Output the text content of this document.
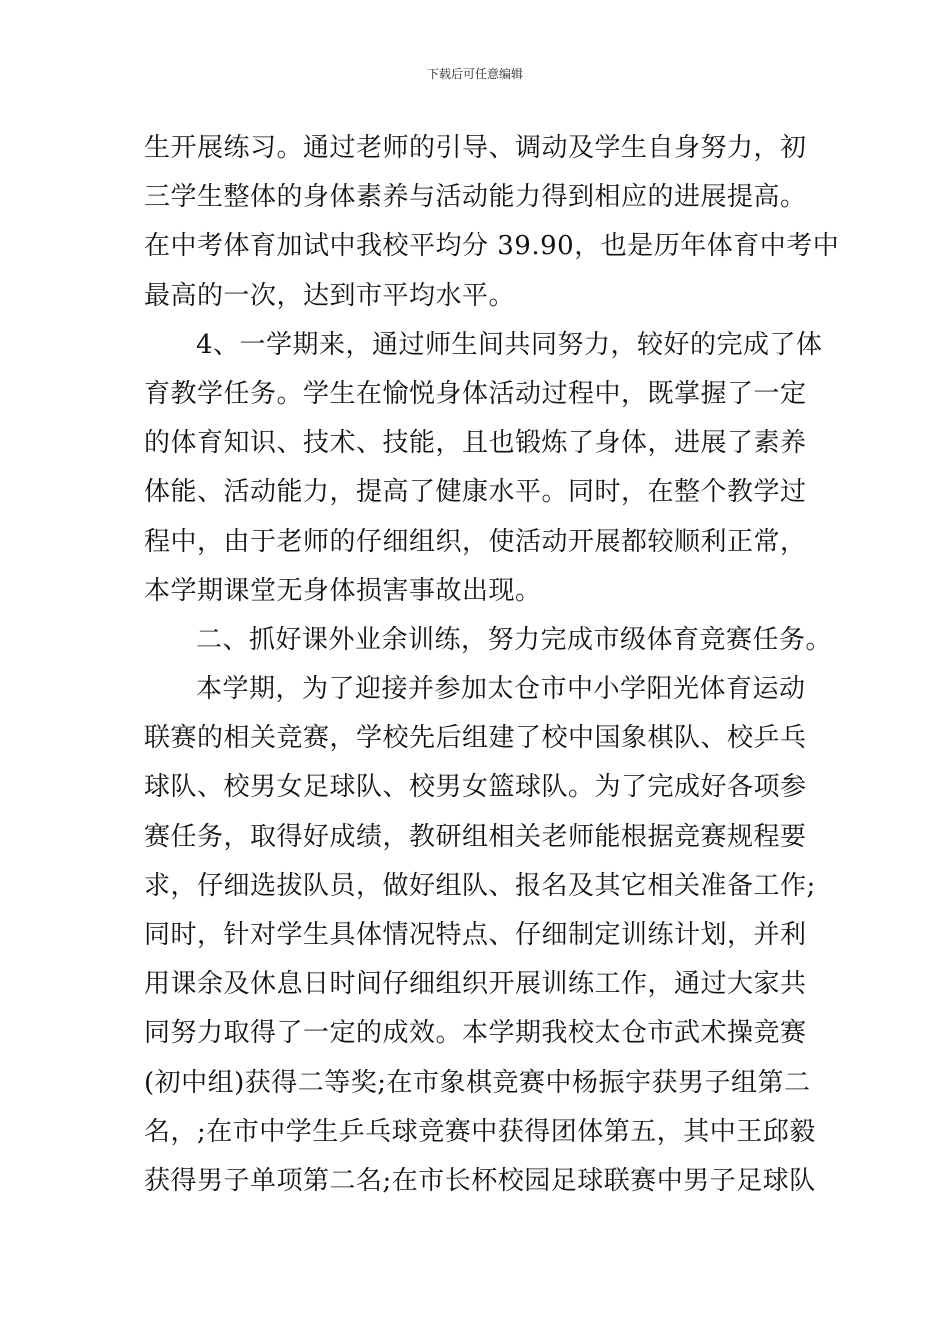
下载后可任意编辑
生开展练习。通过老师的引导、调动及学生自身努力，初
三学生整体的身体素养与活动能力得到相应的进展提高。
在中考体育加试中我校平均分 39.90，也是历年体育中考中
最高的一次，达到市平均水平。
4、一学期来，通过师生间共同努力，较好的完成了体
育教学任务。学生在愉悦身体活动过程中，既掌握了一定
的体育知识、技术、技能，且也锻炼了身体，进展了素养
体能、活动能力，提高了健康水平。同时，在整个教学过
程中，由于老师的仔细组织，使活动开展都较顺利正常，
本学期课堂无身体损害事故出现。
二、抓好课外业余训练，努力完成市级体育竞赛任务。
本学期，为了迎接并参加太仓市中小学阳光体育运动
联赛的相关竞赛，学校先后组建了校中国象棋队、校乒乓
球队、校男女足球队、校男女篮球队。为了完成好各项参
赛任务，取得好成绩，教研组相关老师能根据竞赛规程要
求，仔细选拔队员，做好组队、报名及其它相关准备工作;
同时，针对学生具体情况特点、仔细制定训练计划，并利
用课余及休息日时间仔细组织开展训练工作，通过大家共
同努力取得了一定的成效。本学期我校太仓市武术操竞赛
(初中组)获得二等奖;在市象棋竞赛中杨振宇获男子组第二
名，;在市中学生乒乓球竞赛中获得团体第五，其中王邱毅
获得男子单项第二名;在市长杯校园足球联赛中男子足球队
